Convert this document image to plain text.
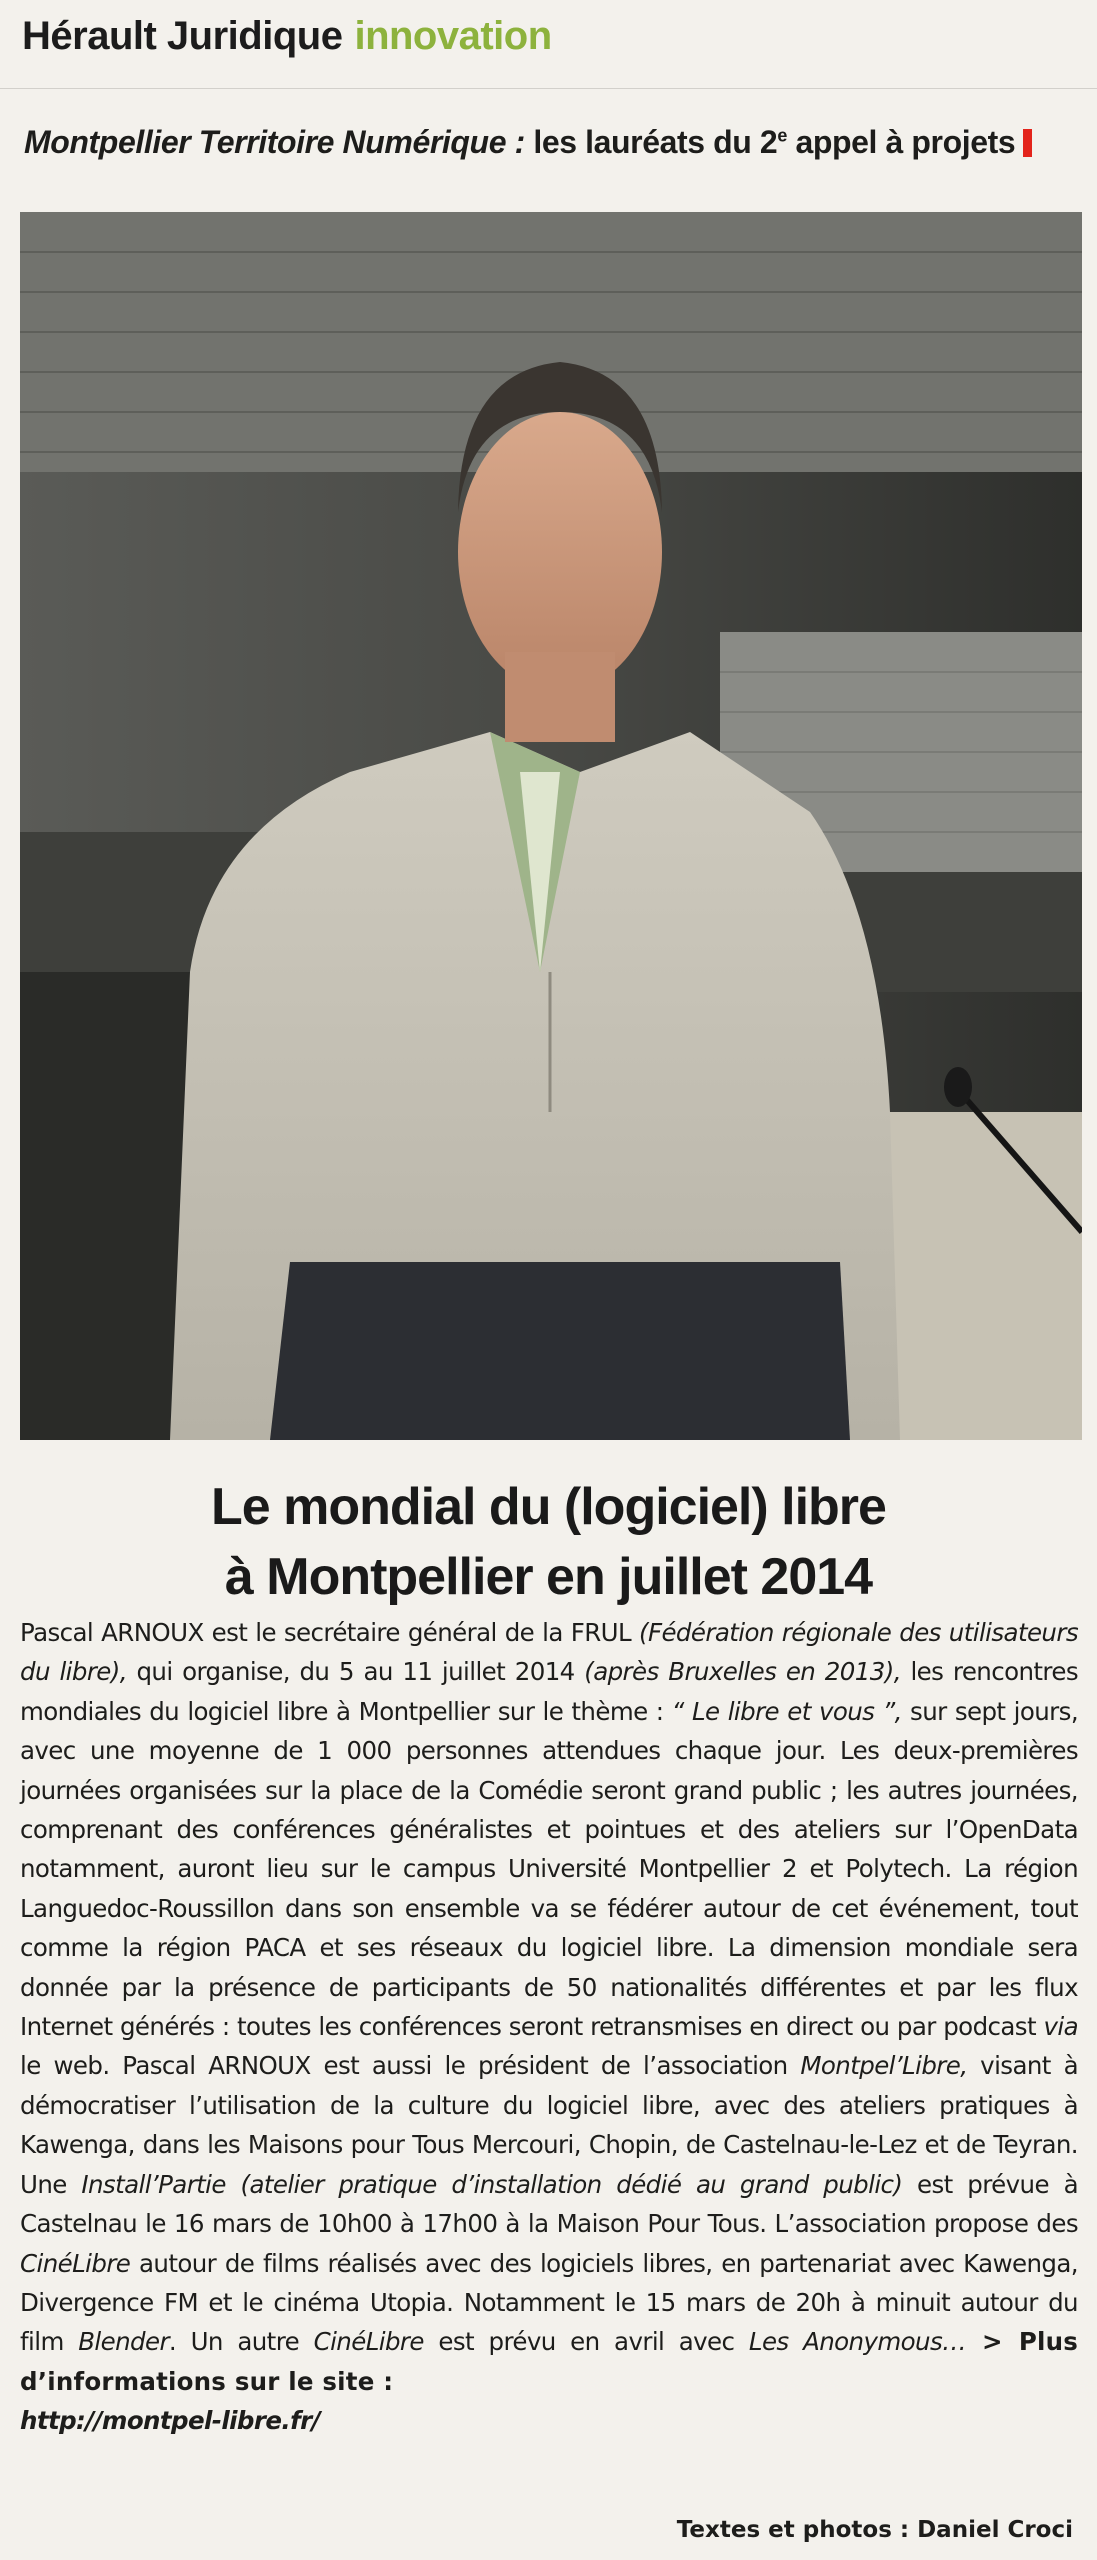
Hérault Juridique innovation
Montpellier Territoire Numérique : les lauréats du 2e appel à projets
Le mondial du (logiciel) libre
à Montpellier en juillet 2014
Pascal ARNOUX est le secrétaire général de la FRUL (Fédération régionale des utilisateurs du libre), qui organise, du 5 au 11 juillet 2014 (après Bruxelles en 2013), les rencontres mondiales du logiciel libre à Montpellier sur le thème : “ Le libre et vous ”, sur sept jours, avec une moyenne de 1 000 personnes attendues chaque jour. Les deux-premières journées organisées sur la place de la Comédie seront grand public ; les autres journées, comprenant des conférences généralistes et pointues et des ateliers sur l’OpenData notamment, auront lieu sur le campus Université Montpellier 2 et Polytech. La région Languedoc-Roussillon dans son ensemble va se fédérer autour de cet événement, tout comme la région PACA et ses réseaux du logiciel libre. La dimension mondiale sera donnée par la présence de participants de 50 nationalités différentes et par les flux Internet générés : toutes les conférences seront retransmises en direct ou par podcast via le web. Pascal ARNOUX est aussi le président de l’association Montpel’Libre, visant à démocratiser l’utilisation de la culture du logiciel libre, avec des ateliers pratiques à Kawenga, dans les Maisons pour Tous Mercouri, Chopin, de Castelnau-le-Lez et de Teyran. Une Install’Partie (atelier pratique d’installation dédié au grand public) est prévue à Castelnau le 16 mars de 10h00 à 17h00 à la Maison Pour Tous. L’association propose des CinéLibre autour de films réalisés avec des logiciels libres, en partenariat avec Kawenga, Divergence FM et le cinéma Utopia. Notamment le 15 mars de 20h à minuit autour du film Blender. Un autre CinéLibre est prévu en avril avec Les Anonymous… > Plus d’informations sur le site :
http://montpel-libre.fr/
Textes et photos : Daniel Croci
